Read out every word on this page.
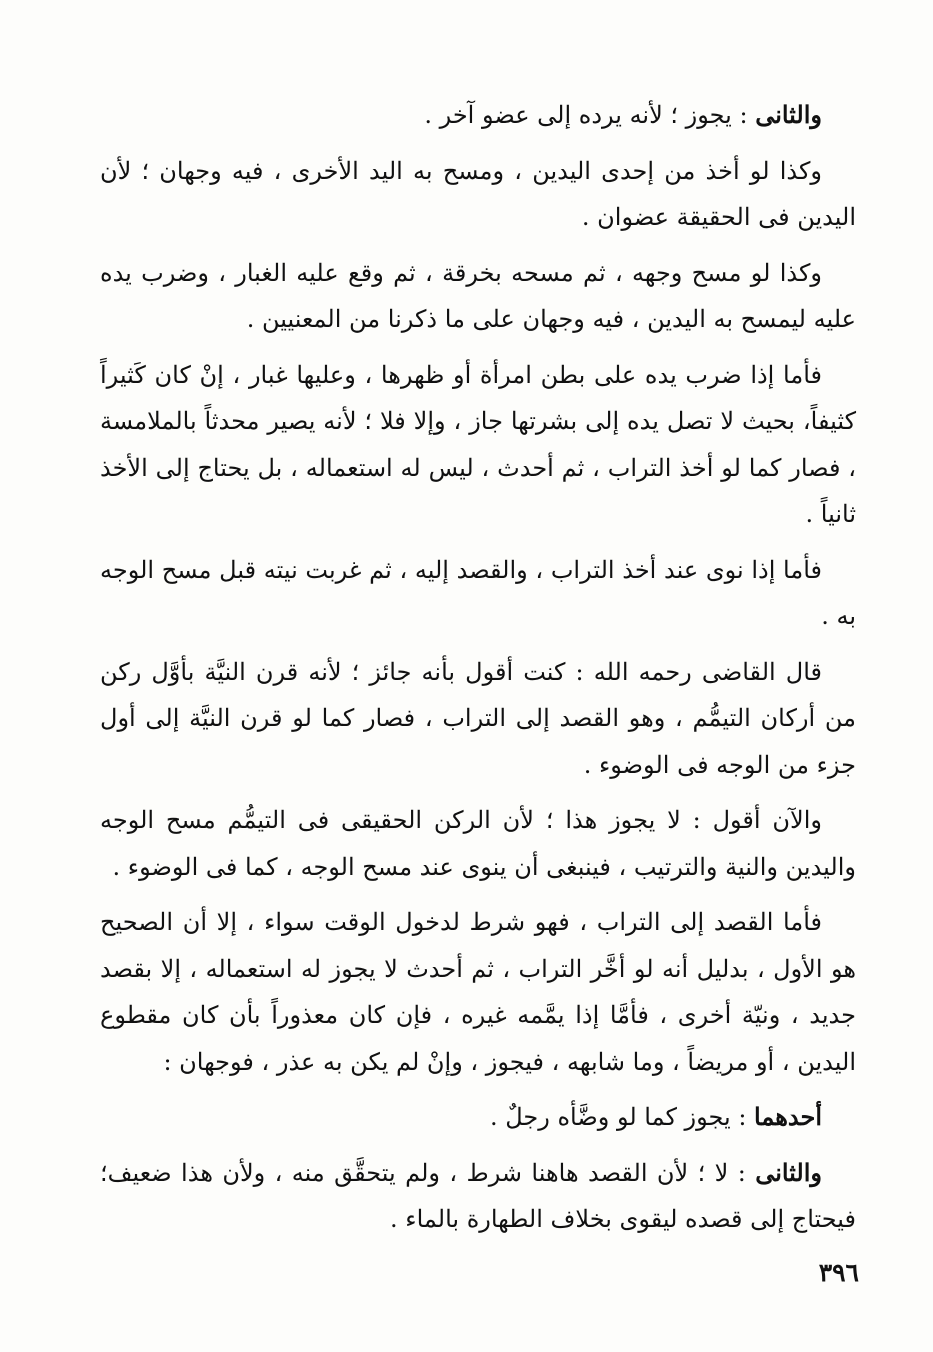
والثانى : يجوز ؛ لأنه يرده إلى عضو آخر .

وكذا لو أخذ من إحدى اليدين ، ومسح به اليد الأخرى ، فيه وجهان ؛ لأن اليدين فى الحقيقة عضوان .

وكذا لو مسح وجهه ، ثم مسحه بخرقة ، ثم وقع عليه الغبار ، وضرب يده عليه ليمسح به اليدين ، فيه وجهان على ما ذكرنا من المعنيين .

فأما إذا ضرب يده على بطن امرأة أو ظهرها ، وعليها غبار ، إنْ كان كَثيراً كثيفاً، بحيث لا تصل يده إلى بشرتها جاز ، وإلا فلا ؛ لأنه يصير محدثاً بالملامسة ، فصار كما لو أخذ التراب ، ثم أحدث ، ليس له استعماله ، بل يحتاج إلى الأخذ ثانياً .

فأما إذا نوى عند أخذ التراب ، والقصد إليه ، ثم غربت نيته قبل مسح الوجه به .

قال القاضى رحمه الله : كنت أقول بأنه جائز ؛ لأنه قرن النيَّة بأوَّل ركن من أركان التيمُّم ، وهو القصد إلى التراب ، فصار كما لو قرن النيَّة إلى أول جزء من الوجه فى الوضوء .

والآن أقول : لا يجوز هذا ؛ لأن الركن الحقيقى فى التيمُّم مسح الوجه واليدين والنية والترتيب ، فينبغى أن ينوى عند مسح الوجه ، كما فى الوضوء .

فأما القصد إلى التراب ، فهو شرط لدخول الوقت سواء ، إلا أن الصحيح هو الأول ، بدليل أنه لو أخَّر التراب ، ثم أحدث لا يجوز له استعماله ، إلا بقصد جديد ، ونيّة أخرى ، فأمَّا إذا يمَّمه غيره ، فإن كان معذوراً بأن كان مقطوع اليدين ، أو مريضاً ، وما شابهه ، فيجوز ، وإنْ لم يكن به عذر ، فوجهان :

أحدهما : يجوز كما لو وضَّأه رجلٌ .

والثانى : لا ؛ لأن القصد هاهنا شرط ، ولم يتحقَّق منه ، ولأن هذا ضعيف؛ فيحتاج إلى قصده ليقوى بخلاف الطهارة بالماء .

٣٩٦
